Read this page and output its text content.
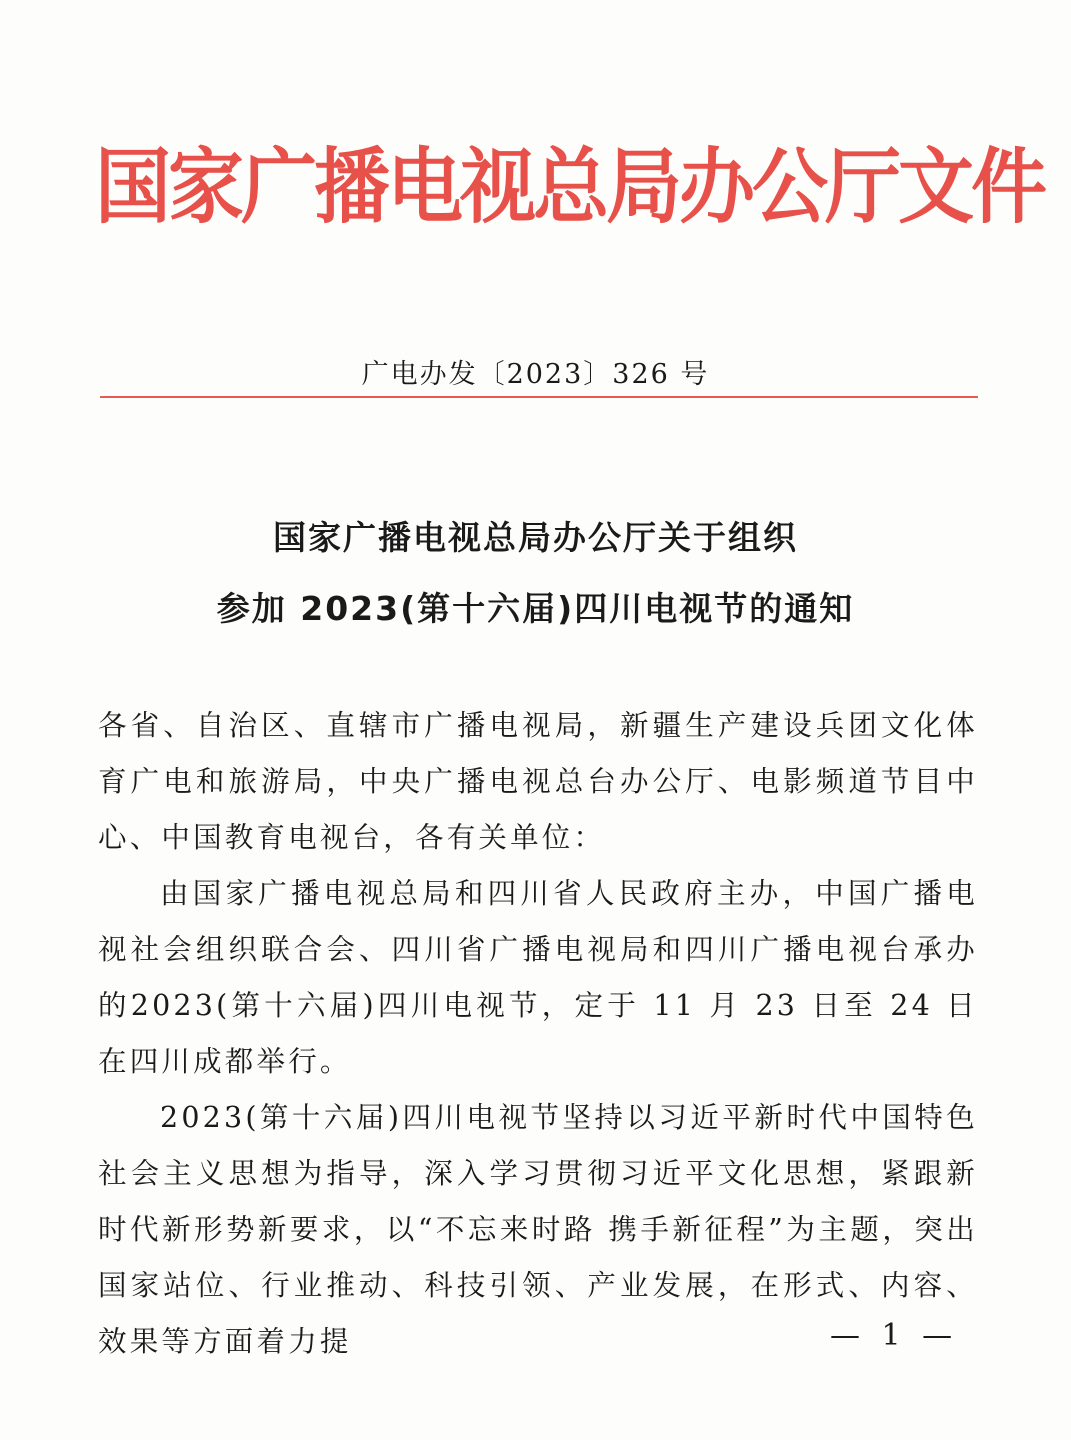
国家广播电视总局办公厅文件
广电办发〔2023〕326 号
国家广播电视总局办公厅关于组织
参加 2023(第十六届)四川电视节的通知

各省、自治区、直辖市广播电视局，新疆生产建设兵团文化体育广电和旅游局，中央广播电视总台办公厅、电影频道节目中心、中国教育电视台，各有关单位：

由国家广播电视总局和四川省人民政府主办，中国广播电视社会组织联合会、四川省广播电视局和四川广播电视台承办的2023(第十六届)四川电视节，定于 11 月 23 日至 24 日在四川成都举行。

2023(第十六届)四川电视节坚持以习近平新时代中国特色社会主义思想为指导，深入学习贯彻习近平文化思想，紧跟新时代新形势新要求，以“不忘来时路 携手新征程”为主题，突出国家站位、行业推动、科技引领、产业发展，在形式、内容、效果等方面着力提	— 1 —
